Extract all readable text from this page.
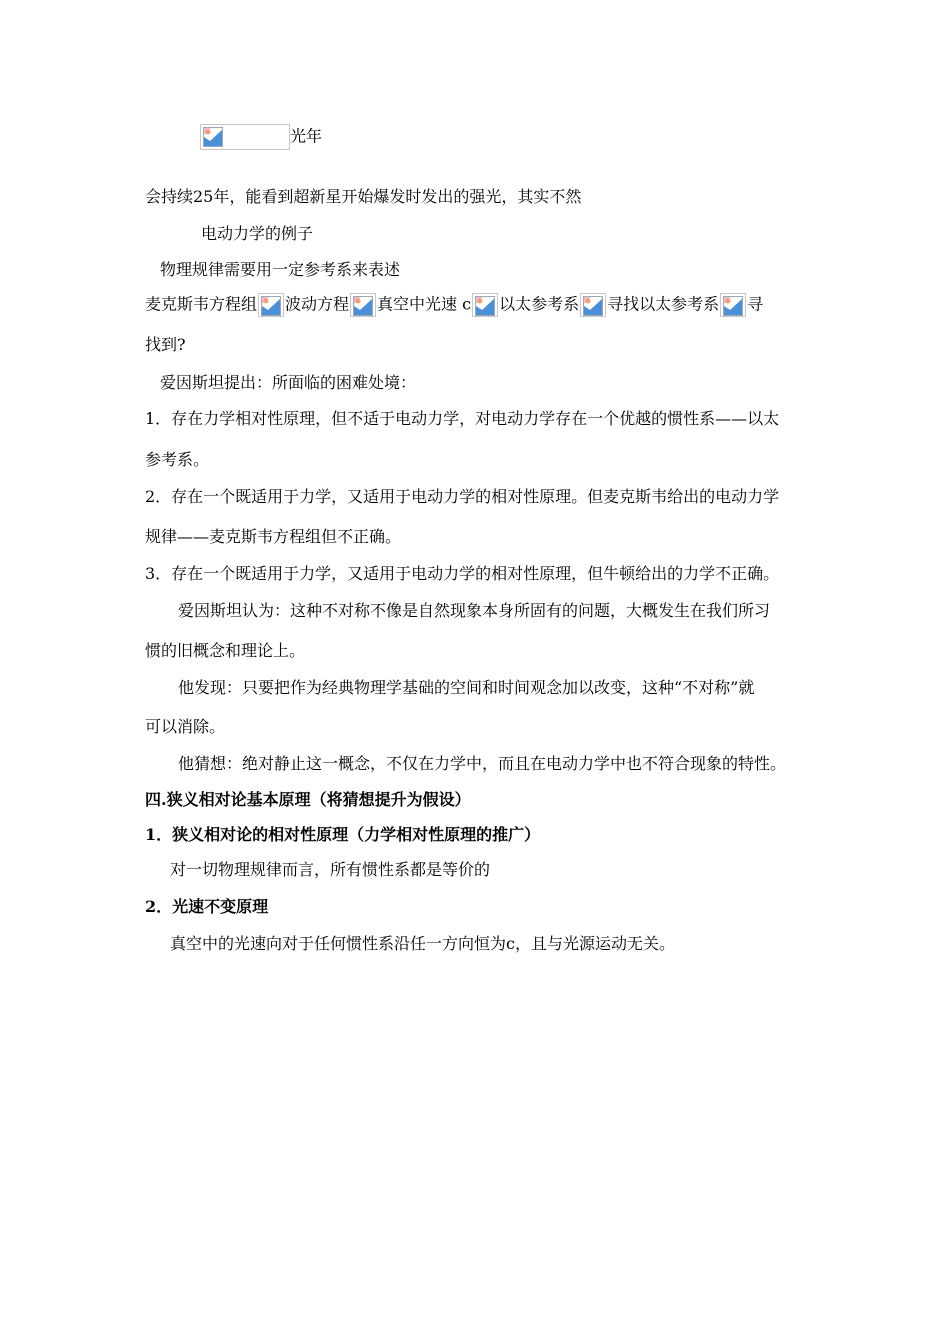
光年
会持续25年，能看到超新星开始爆发时发出的强光，其实不然
电动力学的例子
物理规律需要用一定参考系来表述
麦克斯韦方程组 波动方程 真空中光速 c 以太参考系 寻找以太参考系 寻
找到?
爱因斯坦提出：所面临的困难处境：
1．存在力学相对性原理，但不适于电动力学，对电动力学存在一个优越的惯性系——以太
参考系。
2．存在一个既适用于力学，又适用于电动力学的相对性原理。但麦克斯韦给出的电动力学
规律——麦克斯韦方程组但不正确。
3．存在一个既适用于力学，又适用于电动力学的相对性原理，但牛顿给出的力学不正确。
爱因斯坦认为：这种不对称不像是自然现象本身所固有的问题，大概发生在我们所习
惯的旧概念和理论上。
他发现：只要把作为经典物理学基础的空间和时间观念加以改变，这种“不对称”就
可以消除。
他猜想：绝对静止这一概念，不仅在力学中，而且在电动力学中也不符合现象的特性。
四.狭义相对论基本原理（将猜想提升为假设）
1．狭义相对论的相对性原理（力学相对性原理的推广）
对一切物理规律而言，所有惯性系都是等价的
2．光速不变原理
真空中的光速向对于任何惯性系沿任一方向恒为c，且与光源运动无关。
